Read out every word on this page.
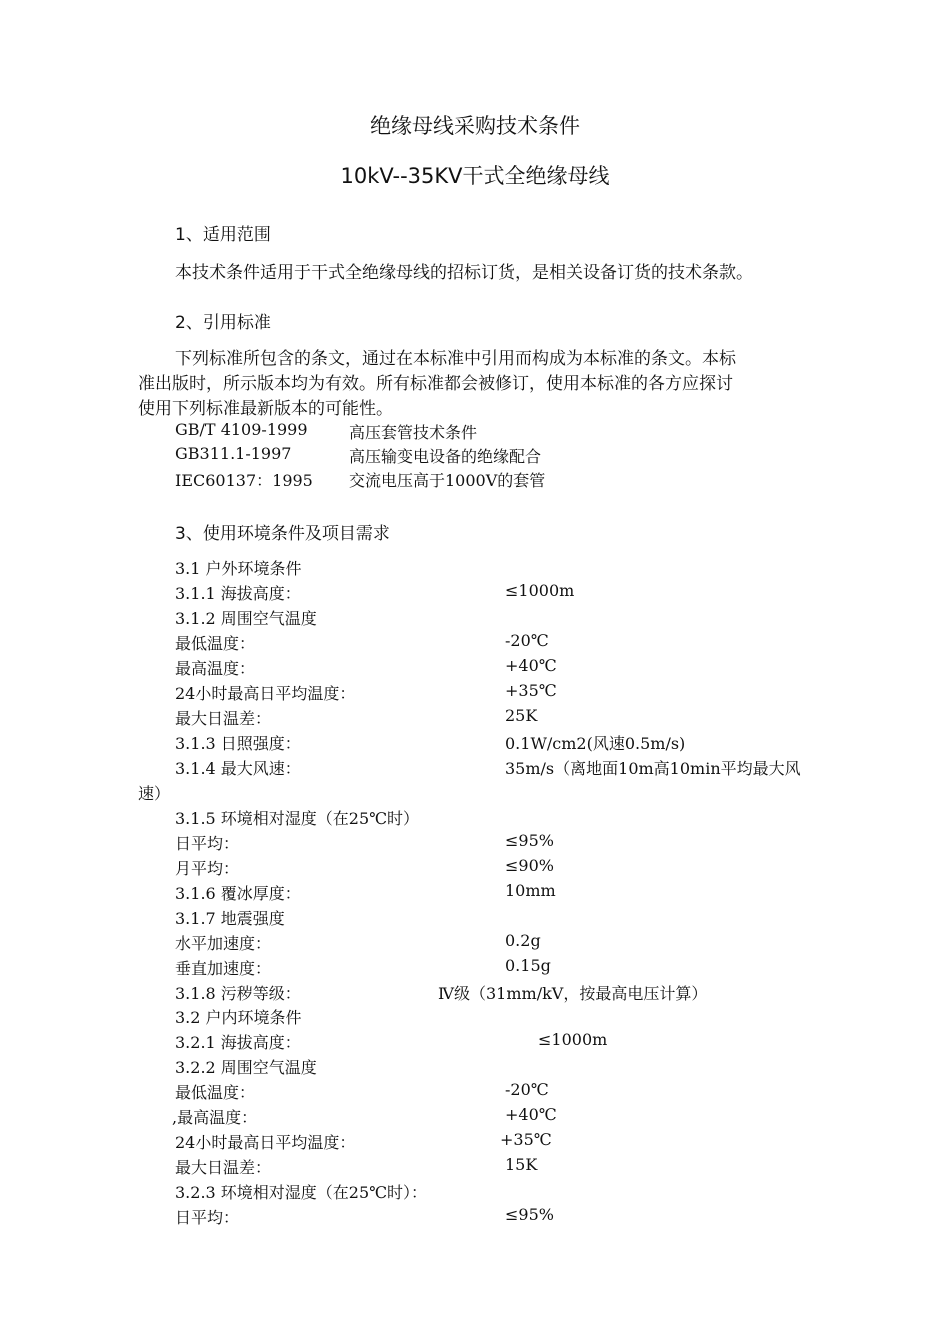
绝缘母线采购技术条件
10kV--35KV干式全绝缘母线
1、适用范围
本技术条件适用于干式全绝缘母线的招标订货，是相关设备订货的技术条款。
2、引用标准
下列标准所包含的条文，通过在本标准中引用而构成为本标准的条文。本标
准出版时，所示版本均为有效。所有标准都会被修订，使用本标准的各方应探讨
使用下列标准最新版本的可能性。
GB/T 4109-1999	高压套管技术条件
GB311.1-1997	高压输变电设备的绝缘配合
IEC60137：1995 交流电压高于1000V的套管
3、使用环境条件及项目需求
3.1 户外环境条件
3.1.1 海拔高度：	≤1000m
3.1.2 周围空气温度
最低温度：	-20℃
最高温度：	+40℃
24小时最高日平均温度：	+35℃
最大日温差：	25K
3.1.3 日照强度：	0.1W/cm2(风速0.5m/s)
3.1.4 最大风速：	35m/s（离地面10m高10min平均最大风
速）
3.1.5 环境相对湿度（在25℃时）
日平均：	≤95%
月平均：	≤90%
3.1.6 覆冰厚度：	10mm
3.1.7 地震强度
水平加速度：	0.2g
垂直加速度：	0.15g
3.1.8 污秽等级：	Ⅳ级（31mm/kV，按最高电压计算）
3.2 户内环境条件
3.2.1 海拔高度：	≤1000m
3.2.2 周围空气温度
最低温度：	-20℃
,最高温度：	+40℃
24小时最高日平均温度：	+35℃
最大日温差：	15K
3.2.3 环境相对湿度（在25℃时）：
日平均：	≤95%
